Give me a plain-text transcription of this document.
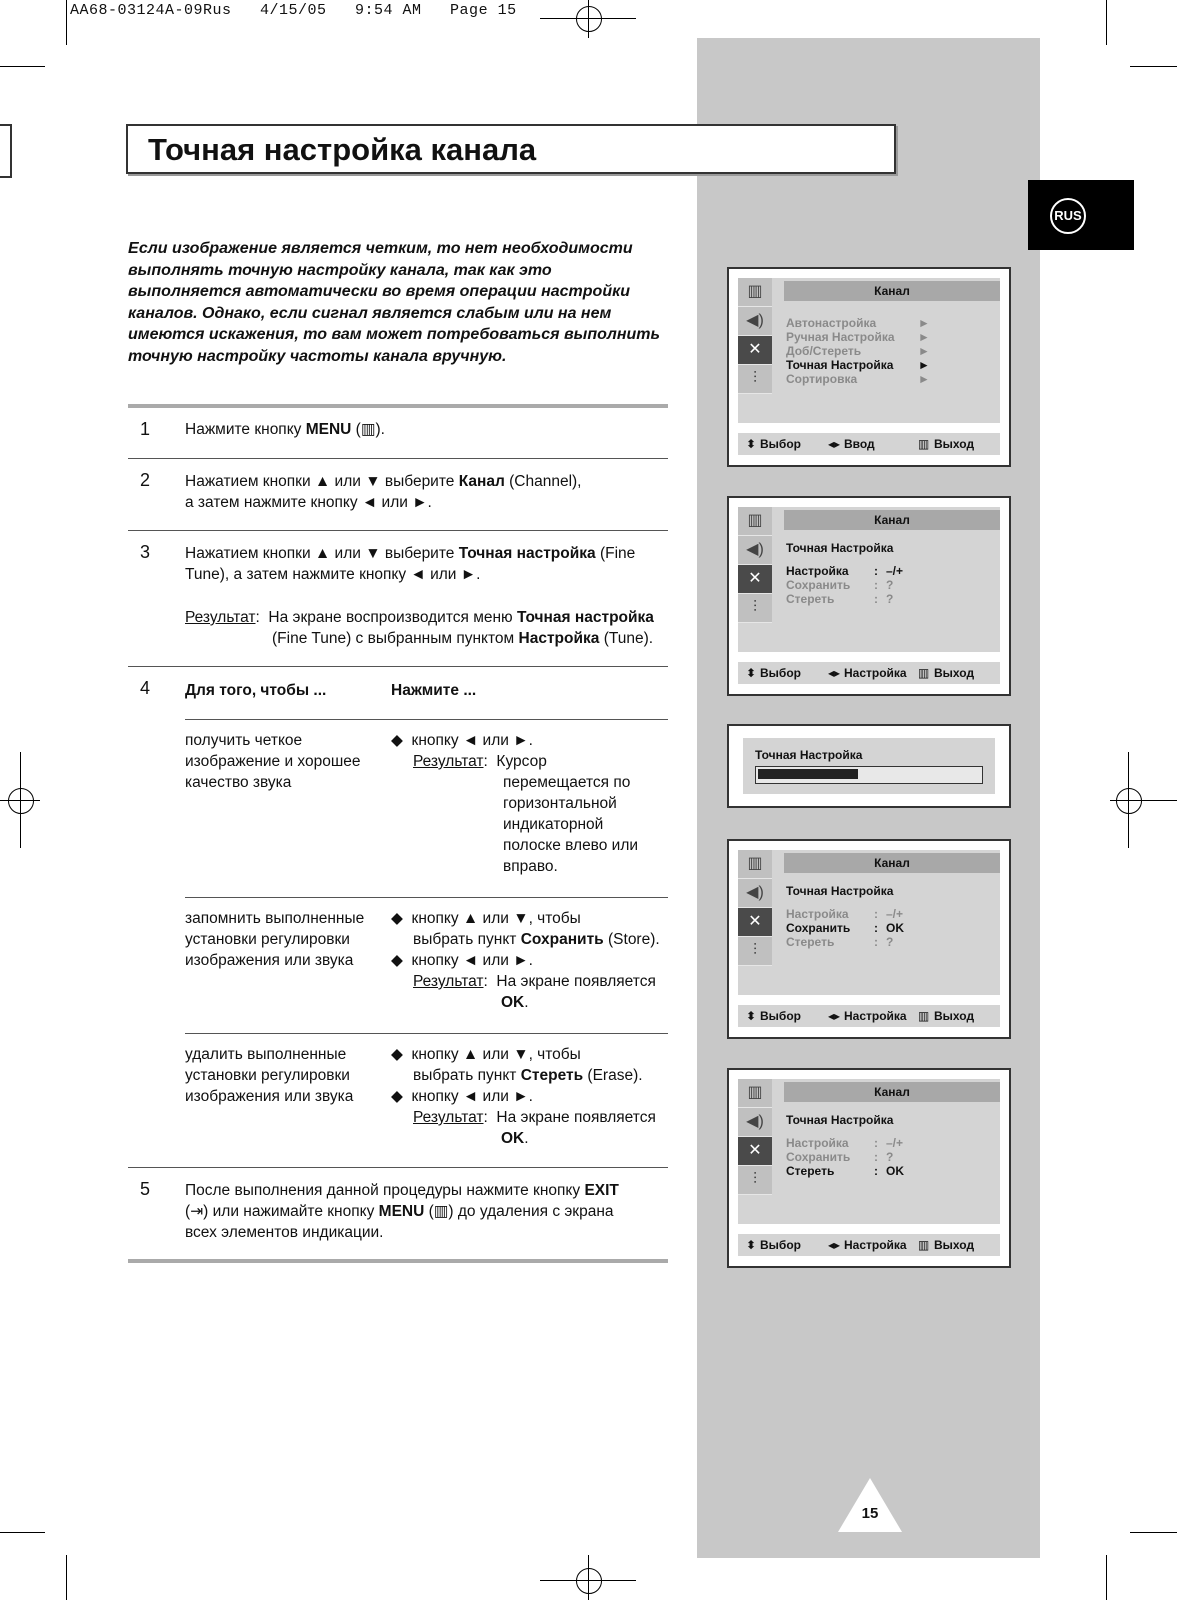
AA68-03124A-09Rus   4/15/05   9:54 AM   Page 15
Точная настройка канала
RUS
Если изображение является четким, то нет необходимости выполнять точную настройку канала, так как это выполняется автоматически во время операции настройки каналов. Однако, если сигнал является слабым или на нем имеются искажения, то вам может потребоваться выполнить точную настройку частоты канала вручную.
1 Нажмите кнопку MENU (▥).
2 Нажатием кнопки ▲ или ▼ выберите Канал (Channel),
а затем нажмите кнопку ◄ или ►.
3 Нажатием кнопки ▲ или ▼ выберите Точная настройка (Fine
Tune), а затем нажмите кнопку ◄ или ►.
Результат:  На экране воспроизводится меню Точная настройка
(Fine Tune) с выбранным пунктом Настройка (Tune).
4 Для того, чтобы ...	Нажмите ...
получить четкое
изображение и хорошее
качество звука
◆ кнопку ◄ или ►.
Результат:  Курсор
перемещается по
горизонтальной
индикаторной
полоске влево или
вправо.
запомнить выполненные
установки регулировки
изображения или звука
◆ кнопку ▲ или ▼, чтобы
выбрать пункт Сохранить (Store).
◆ кнопку ◄ или ►.
Результат:  На экране появляется
OK.
удалить выполненные
установки регулировки
изображения или звука
◆ кнопку ▲ или ▼, чтобы
выбрать пункт Стереть (Erase).
◆ кнопку ◄ или ►.
Результат:  На экране появляется
OK.
5 После выполнения данной процедуры нажмите кнопку EXIT
(⇥) или нажимайте кнопку MENU (▥) до удаления с экрана
всех элементов индикации.
▥
◀)
✕
⫶
Канал
Автонастройка	►
Ручная Настройка ►
Доб/Стереть	►
Точная Настройка ►
Сортировка	►
⬍ Выбор ◂▸ Ввод	▥ Выход
▥
◀)
✕
⫶
Канал
Точная Настройка
Настройка : –/+
Сохранить : ?
Стереть	: ?
⬍ Выбор ◂▸ Настройка ▥ Выход
Точная Настройка
▥
◀)
✕
⫶
Канал
Точная Настройка
Настройка : –/+
Сохранить : OK
Стереть	: ?
⬍ Выбор ◂▸ Настройка ▥ Выход
▥
◀)
✕
⫶
Канал
Точная Настройка
Настройка : –/+
Сохранить : ?
Стереть	: OK
⬍ Выбор ◂▸ Настройка ▥ Выход
15
